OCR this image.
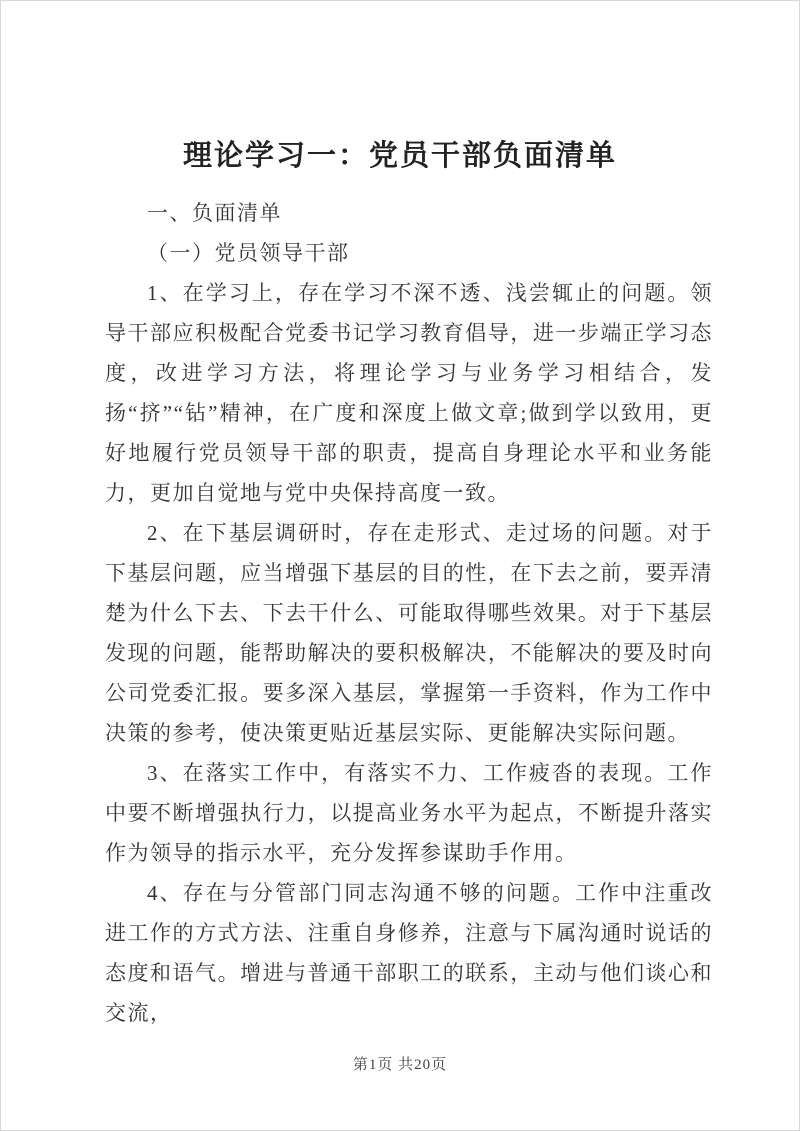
理论学习一：党员干部负面清单

一、负面清单

（一）党员领导干部

1、在学习上，存在学习不深不透、浅尝辄止的问题。领导干部应积极配合党委书记学习教育倡导，进一步端正学习态度，改进学习方法，将理论学习与业务学习相结合，发扬“挤”“钻”精神，在广度和深度上做文章;做到学以致用，更好地履行党员领导干部的职责，提高自身理论水平和业务能力，更加自觉地与党中央保持高度一致。

2、在下基层调研时，存在走形式、走过场的问题。对于下基层问题，应当增强下基层的目的性，在下去之前，要弄清楚为什么下去、下去干什么、可能取得哪些效果。对于下基层发现的问题，能帮助解决的要积极解决，不能解决的要及时向公司党委汇报。要多深入基层，掌握第一手资料，作为工作中决策的参考，使决策更贴近基层实际、更能解决实际问题。

3、在落实工作中，有落实不力、工作疲沓的表现。工作中要不断增强执行力，以提高业务水平为起点，不断提升落实作为领导的指示水平，充分发挥参谋助手作用。

4、存在与分管部门同志沟通不够的问题。工作中注重改进工作的方式方法、注重自身修养，注意与下属沟通时说话的态度和语气。增进与普通干部职工的联系，主动与他们谈心和交流，

第1页 共20页
